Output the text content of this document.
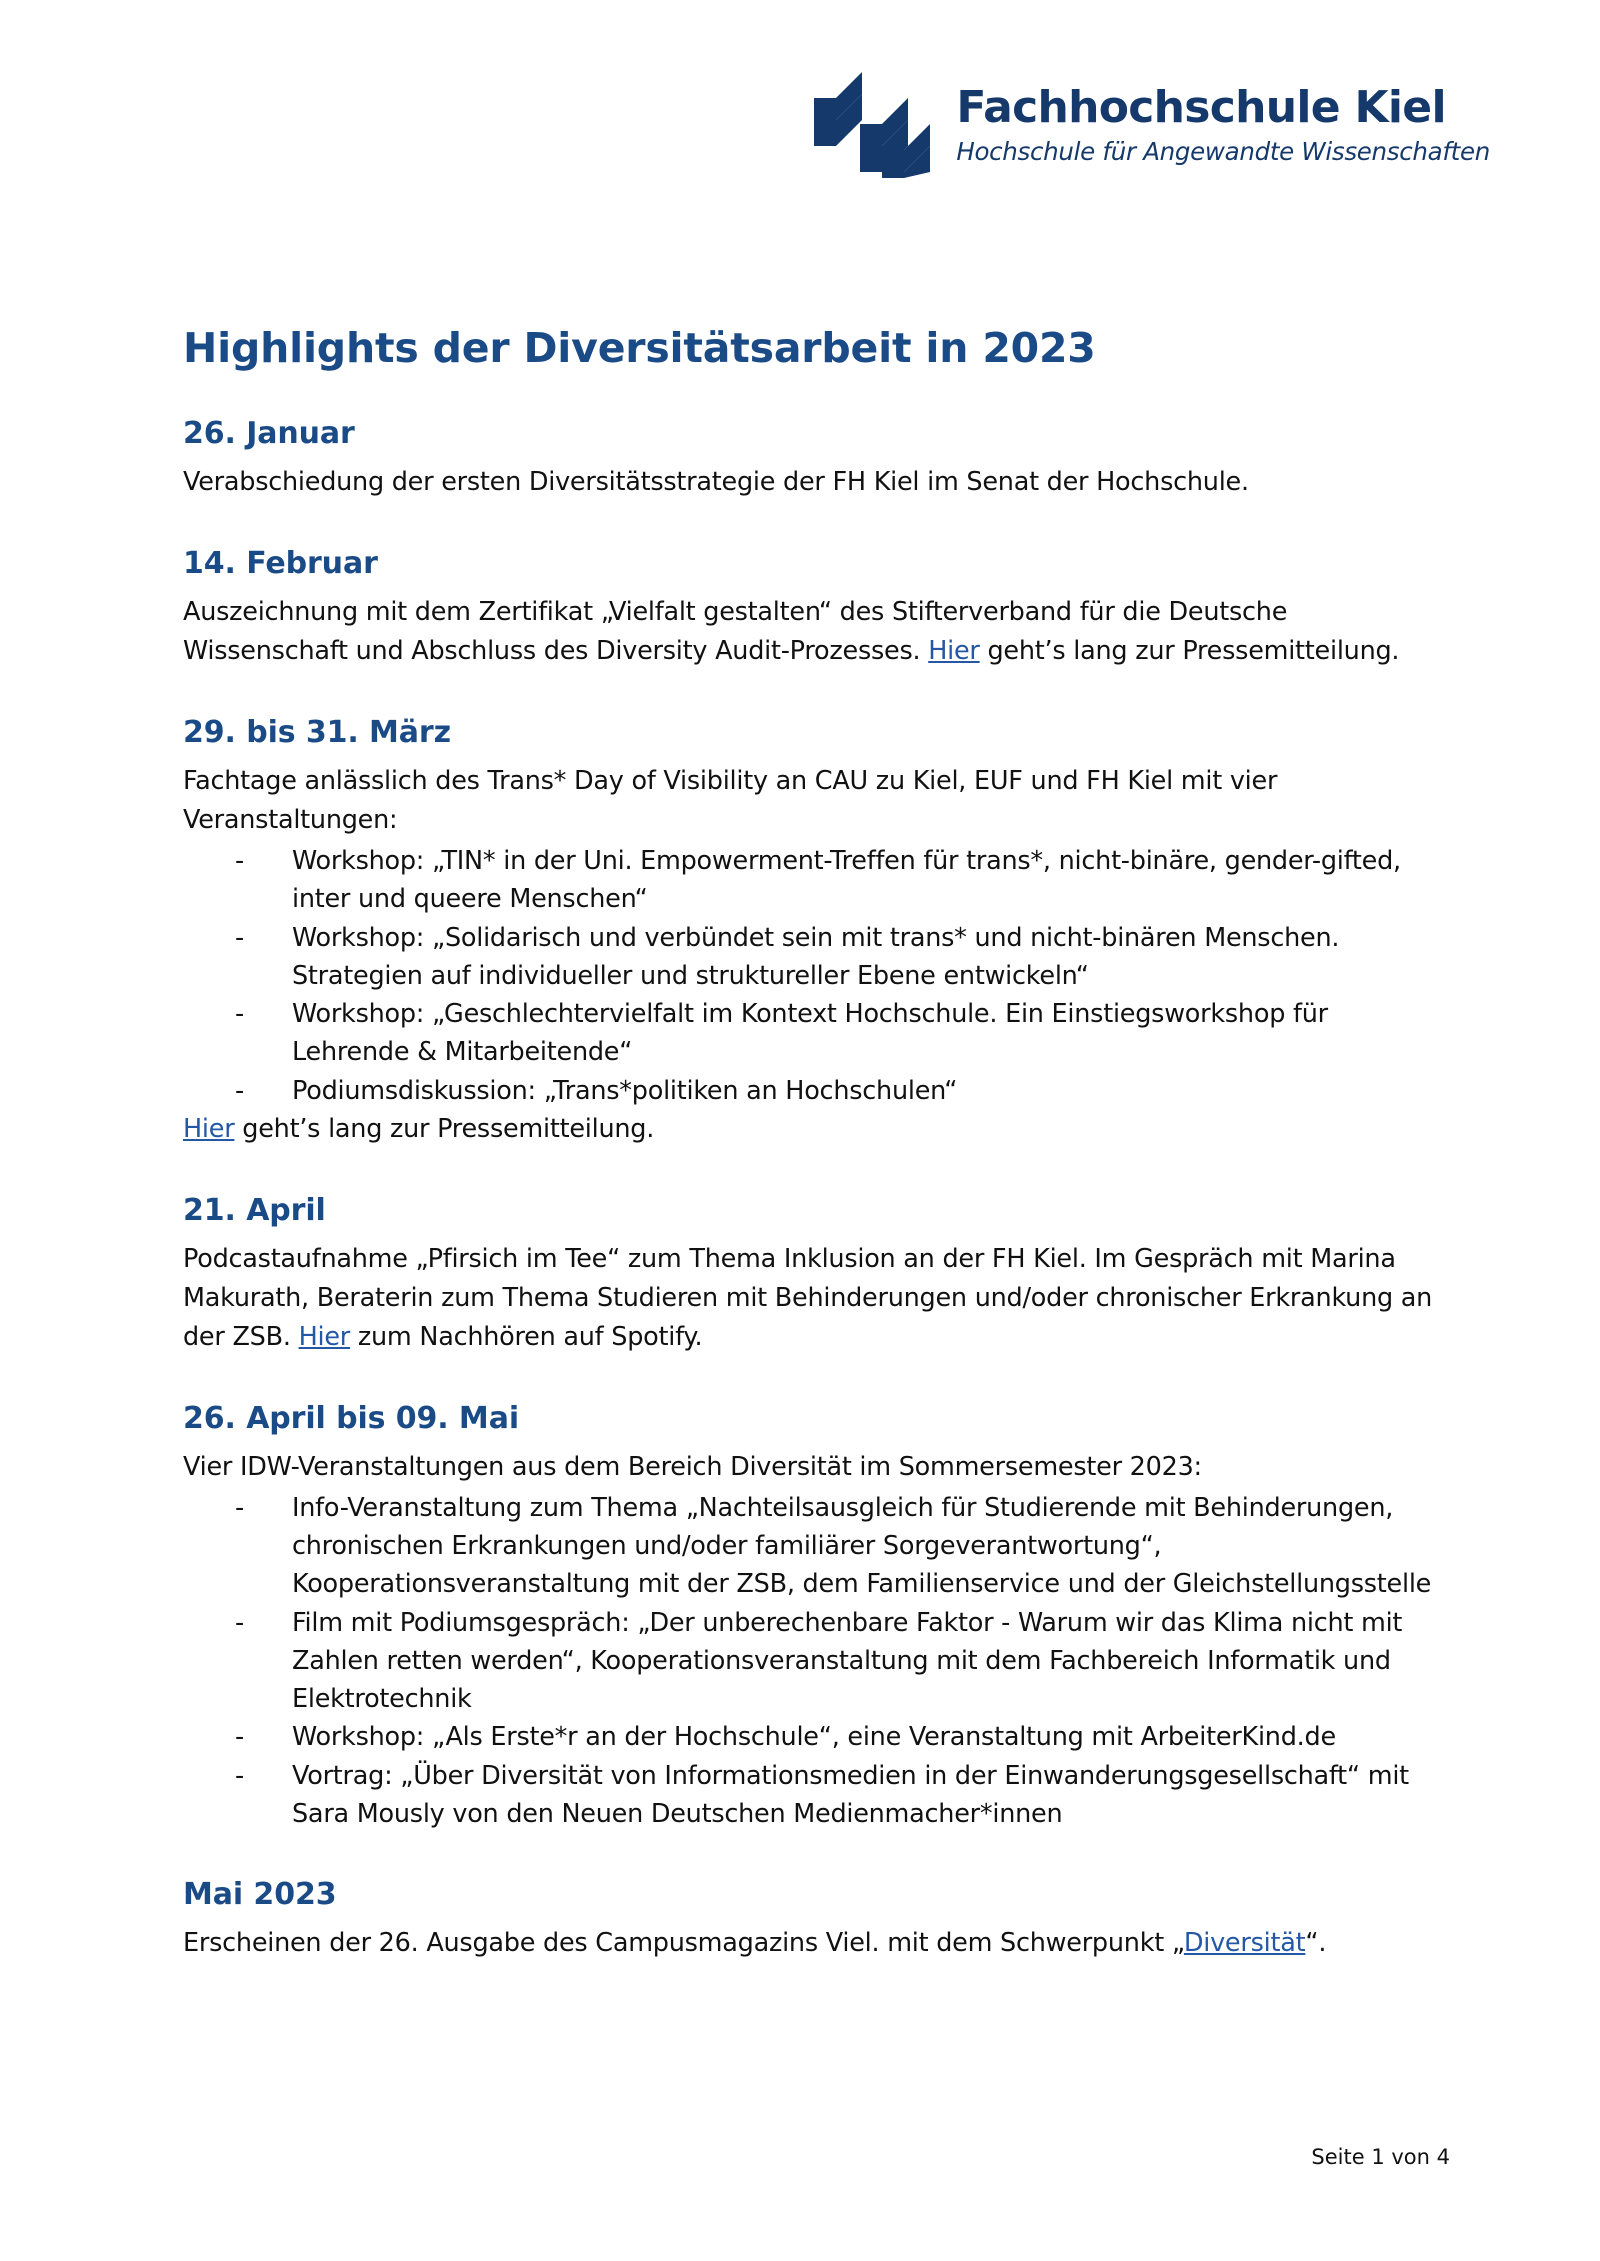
Fachhochschule Kiel
Hochschule für Angewandte Wissenschaften
Highlights der Diversitätsarbeit in 2023
26. Januar

Verabschiedung der ersten Diversitätsstrategie der FH Kiel im Senat der Hochschule.

14. Februar

Auszeichnung mit dem Zertifikat „Vielfalt gestalten“ des Stifterverband für die Deutsche Wissenschaft und Abschluss des Diversity Audit-Prozesses. Hier geht’s lang zur Pressemitteilung.

29. bis 31. März

Fachtage anlässlich des Trans* Day of Visibility an CAU zu Kiel, EUF und FH Kiel mit vier Veranstaltungen:

- Workshop: „TIN* in der Uni. Empowerment-Treffen für trans*, nicht-binäre, gender-gifted, inter und queere Menschen“
- Workshop: „Solidarisch und verbündet sein mit trans* und nicht-binären Menschen. Strategien auf individueller und struktureller Ebene entwickeln“
- Workshop: „Geschlechtervielfalt im Kontext Hochschule. Ein Einstiegsworkshop für Lehrende & Mitarbeitende“
- Podiumsdiskussion: „Trans*politiken an Hochschulen“

Hier geht’s lang zur Pressemitteilung.

21. April

Podcastaufnahme „Pfirsich im Tee“ zum Thema Inklusion an der FH Kiel. Im Gespräch mit Marina Makurath, Beraterin zum Thema Studieren mit Behinderungen und/oder chronischer Erkrankung an der ZSB. Hier zum Nachhören auf Spotify.

26. April bis 09. Mai

Vier IDW-Veranstaltungen aus dem Bereich Diversität im Sommersemester 2023:

- Info-Veranstaltung zum Thema „Nachteilsausgleich für Studierende mit Behinderungen, chronischen Erkrankungen und/oder familiärer Sorgeverantwortung“, Kooperationsveranstaltung mit der ZSB, dem Familienservice und der Gleichstellungsstelle
- Film mit Podiumsgespräch: „Der unberechenbare Faktor - Warum wir das Klima nicht mit Zahlen retten werden“, Kooperationsveranstaltung mit dem Fachbereich Informatik und Elektrotechnik
- Workshop: „Als Erste*r an der Hochschule“, eine Veranstaltung mit ArbeiterKind.de
- Vortrag: „Über Diversität von Informationsmedien in der Einwanderungsgesellschaft“ mit Sara Mously von den Neuen Deutschen Medienmacher*innen
Mai 2023

Erscheinen der 26. Ausgabe des Campusmagazins Viel. mit dem Schwerpunkt „Diversität“.

Seite 1 von 4
